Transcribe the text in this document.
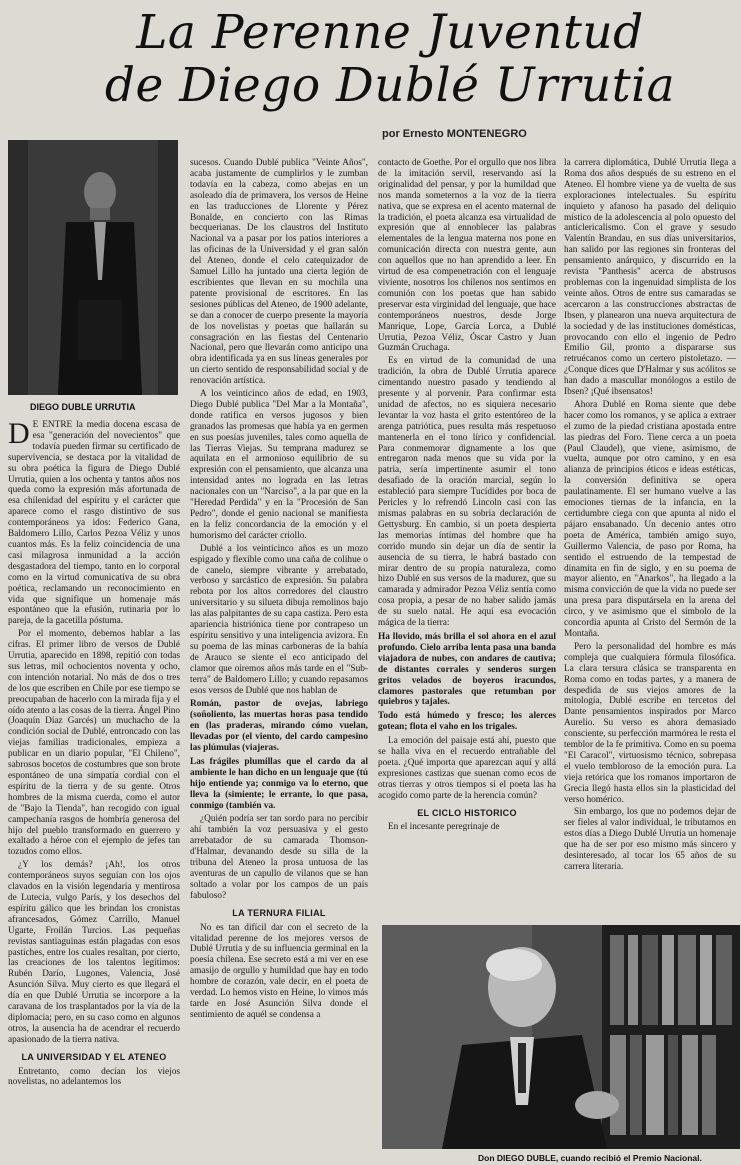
La Perenne Juventud
de Diego Dublé Urrutia
por Ernesto MONTENEGRO
DIEGO DUBLE URRUTIA

D E ENTRE la media docena escasa de esa "generación del novecientos" que todavía pueden firmar su certificado de supervivencia, se destaca por la vitalidad de su obra poética la figura de Diego Dublé Urrutia, quien a los ochenta y tantos años nos queda como la expresión más afortunada de esa chilenidad del espíritu y el carácter que aparece como el rasgo distintivo de sus contemporáneos ya idos: Federico Gana, Baldomero Lillo, Carlos Pezoa Véliz y unos cuantos más. Es la feliz coincidencia de una casi milagrosa inmunidad a la acción desgastadora del tiempo, tanto en lo corporal como en la virtud comunicativa de su obra poética, reclamando un reconocimiento en vida que signifique un homenaje más espontáneo que la efusión, rutinaria por lo pareja, de la gacetilla póstuma.

Por el momento, debemos hablar a las cifras. El primer libro de versos de Dublé Urrutia, aparecido en 1898, repitió con todas sus letras, mil ochocientos noventa y ocho, con intención notarial. No más de dos o tres de los que escriben en Chile por ese tiempo se preocupaban de hacerlo con la mirada fija y el oído atento a las cosas de la tierra. Ángel Pino (Joaquín Díaz Garcés) un muchacho de la condición social de Dublé, entroncado con las viejas familias tradicionales, empieza a publicar en un diario popular, "El Chileno", sabrosos bocetos de costumbres que son brote espontáneo de una simpatía cordial con el espíritu de la tierra y de su gente. Otros hombres de la misma cuerda, como el autor de "Bajo la Tienda", han recogido con igual campechanía rasgos de hombría generosa del hijo del pueblo transformado en guerrero y exaltado a héroe con el ejemplo de jefes tan tozudos como ellos.

¿Y los demás? ¡Ah!, los otros contemporáneos suyos seguían con los ojos clavados en la visión legendaria y mentirosa de Lutecia, vulgo París, y los desechos del espíritu gálico que les brindan los cronistas afrancesados, Gómez Carrillo, Manuel Ugarte, Froilán Turcios. Las pequeñas revistas santiaguinas están plagadas con esos pastiches, entre los cuales resaltan, por cierto, las creaciones de los talentos legítimos: Rubén Darío, Lugones, Valencia, José Asunción Silva. Muy cierto es que llegará el día en que Dublé Urrutia se incorpore a la caravana de los trasplantados por la vía de la diplomacia; pero, en su caso como en algunos otros, la ausencia ha de acendrar el recuerdo apasionado de la tierra nativa.

LA UNIVERSIDAD Y EL ATENEO

Entretanto, como decían los viejos novelistas, no adelantemos los

sucesos. Cuando Dublé publica "Veinte Años", acaba justamente de cumplirlos y le zumban todavía en la cabeza, como abejas en un asoleado día de primavera, los versos de Heine en las traducciones de Llorente y Pérez Bonalde, en concierto con las Rimas becquerianas. De los claustros del Instituto Nacional va a pasar por los patios interiores a las oficinas de la Universidad y el gran salón del Ateneo, donde el celo catequizador de Samuel Lillo ha juntado una cierta legión de escribientes que llevan en su mochila una patente provisional de escritores. En las sesiones públicas del Ateneo, de 1900 adelante, se dan a conocer de cuerpo presente la mayoría de los novelistas y poetas que hallarán su consagración en las fiestas del Centenario Nacional, pero que llevarán como anticipo una obra identificada ya en sus líneas generales por un cierto sentido de responsabilidad social y de renovación artística.

A los veinticinco años de edad, en 1903, Diego Dublé publica "Del Mar a la Montaña", donde ratifica en versos jugosos y bien granados las promesas que había ya en germen en sus poesías juveniles, tales como aquella de las Tierras Viejas. Su temprana madurez se aquilata en el armonioso equilibrio de su expresión con el pensamiento, que alcanza una intensidad antes no lograda en las letras nacionales con un "Narciso", a la par que en la "Heredad Perdida" y en la "Procesión de San Pedro", donde el genio nacional se manifiesta en la feliz concordancia de la emoción y el humorismo del carácter criollo.

Dublé a los veinticinco años es un mozo espigado y flexible como una caña de colihue o de canelo, siempre vibrante y arrebatado, verboso y sarcástico de expresión. Su palabra rebota por los altos corredores del claustro universitario y su silueta dibuja remolinos bajo las alas palpitantes de su capa castiza. Pero esta apariencia histriónica tiene por contrapeso un espíritu sensitivo y una inteligencia avizora. En su poema de las minas carboneras de la bahía de Arauco se siente el eco anticipado del clamor que oiremos años más tarde en el "Sub-terra" de Baldomero Lillo; y cuando repasamos esos versos de Dublé que nos hablan de

Román, pastor de ovejas, labriego (soñoliento, las muertas horas pasa tendido en (las praderas, mirando cómo vuelan, llevadas por (el viento, del cardo campesino las plúmulas (viajeras.

Las frágiles plumillas que el cardo da al ambiente le han dicho en un lenguaje que (tú hijo entiende ya; conmigo va lo eterno, que lleva la (simiente; le errante, lo que pasa, conmigo (también va.

¿Quién podría ser tan sordo para no percibir ahí también la voz persuasiva y el gesto arrebatador de su camarada Thomson-d'Halmar, devanando desde su silla de la tribuna del Ateneo la prosa untuosa de las aventuras de un capullo de vilanos que se han soltado a volar por los campos de un país fabuloso?

LA TERNURA FILIAL

No es tan difícil dar con el secreto de la vitalidad perenne de los mejores versos de Dublé Urrutia y de su influencia germinal en la poesía chilena. Ese secreto está a mi ver en ese amasijo de orgullo y humildad que hay en todo hombre de corazón, vale decir, en el poeta de verdad. Lo hemos visto en Heine, lo vimos más tarde en José Asunción Silva donde el sentimiento de aquél se condensa a

contacto de Goethe. Por el orgullo que nos libra de la imitación servil, reservando así la originalidad del pensar, y por la humildad que nos manda someternos a la voz de la tierra nativa, que se expresa en el acento maternal de la tradición, el poeta alcanza esa virtualidad de expresión que al ennoblecer las palabras elementales de la lengua materna nos pone en comunicación directa con nuestra gente, aun con aquellos que no han aprendido a leer. En virtud de esa compenetración con el lenguaje viviente, nosotros los chilenos nos sentimos en comunión con los poetas que han sabido preservar esta virginidad del lenguaje, que hace contemporáneos nuestros, desde Jorge Manrique, Lope, García Lorca, a Dublé Urrutia, Pezoa Véliz, Óscar Castro y Juan Guzmán Cruchaga.

Es en virtud de la comunidad de una tradición, la obra de Dublé Urrutia aparece cimentando nuestro pasado y tendiendo al presente y al porvenir. Para confirmar esta unidad de afectos, no es siquiera necesario levantar la voz hasta el grito estentóreo de la arenga patriótica, pues resulta más respetuoso mantenerla en el tono lírico y confidencial. Para conmemorar dignamente a los que entregaron nada menos que su vida por la patria, sería impertinente asumir el tono desafiado de la oración marcial, según lo estableció para siempre Tucídides por boca de Pericles y lo refrendó Lincoln casi con las mismas palabras en su sobria declaración de Gettysburg. En cambio, si un poeta despierta las memorias íntimas del hombre que ha corrido mundo sin dejar un día de sentir la ausencia de su tierra, le habrá bastado con mirar dentro de su propia naturaleza, como hizo Dublé en sus versos de la madurez, que su camarada y admirador Pezoa Véliz sentía como cosa propia, a pesar de no haber salido jamás de su suelo natal. He aquí esa evocación mágica de la tierra:

Ha llovido, más brilla el sol ahora en el azul profundo. Cielo arriba lenta pasa una banda viajadora de nubes, con andares de cautiva; de distantes corrales y senderos surgen gritos velados de boyeros iracundos, clamores pastorales que retumban por quiebros y tajales.

Todo está húmedo y fresco; los alerces gotean; flota el vaho en los trigales.

La emoción del paisaje está ahí, puesto que se halla viva en el recuerdo entrañable del poeta. ¿Qué importa que aparezcan aquí y allá expresiones castizas que suenan como ecos de otras tierras y otros tiempos si el poeta las ha acogido como parte de la herencia común?

EL CICLO HISTORICO

En el incesante peregrinaje de

la carrera diplomática, Dublé Urrutia llega a Roma dos años después de su estreno en el Ateneo. El hombre viene ya de vuelta de sus exploraciones intelectuales. Su espíritu inquieto y afanoso ha pasado del deliquio místico de la adolescencia al polo opuesto del anticlericalismo. Con el grave y sesudo Valentín Brandau, en sus días universitarios, han salido por las regiones sin fronteras del pensamiento anárquico, y discurrido en la revista "Panthesis" acerca de abstrusos problemas con la ingenuidad simplista de los veinte años. Otros de entre sus camaradas se acercaron a las construcciones abstractas de Ibsen, y planearon una nueva arquitectura de la sociedad y de las instituciones domésticas, provocando con ello el ingenio de Pedro Emilio Gil, pronto a dispararse sus retruécanos como un certero pistoletazo. —¿Conque dices que D'Halmar y sus acólitos se han dado a mascullar monólogos a estilo de Ibsen? ¡Qué ibsensatos!

Ahora Dublé en Roma siente que debe hacer como los romanos, y se aplica a extraer el zumo de la piedad cristiana apostada entre las piedras del Foro. Tiene cerca a un poeta (Paul Claudel), que viene, asimismo, de vuelta, aunque por otro camino, y en esa alianza de principios éticos e ideas estéticas, la conversión definitiva se opera paulatinamente. El ser humano vuelve a las emociones tiernas de la infancia, en la certidumbre ciega con que apunta al nido el pájaro ensabanado. Un decenio antes otro poeta de América, también amigo suyo, Guillermo Valencia, de paso por Roma, ha sentido el estruendo de la tempestad de dinamita en fin de siglo, y en su poema de mayor aliento, en "Anarkos", ha llegado a la misma convicción de que la vida no puede ser una presa para disputársela en la arena del circo, y ve asimismo que el símbolo de la concordia apunta al Cristo del Sermón de la Montaña.

Pero la personalidad del hombre es más compleja que cualquiera fórmula filosófica. La clara tersura clásica se transparenta en Roma como en todas partes, y a manera de despedida de sus viejos amores de la mitología, Dublé escribe en tercetos del Dante pensamientos inspirados por Marco Aurelio. Su verso es ahora demasiado consciente, su perfección marmórea le resta el temblor de la fe primitiva. Como en su poema "El Caracol", virtuosismo técnico, sobrepasa el vuelo tembloroso de la emoción pura. La vieja retórica que los romanos importaron de Grecia llegó hasta ellos sin la plasticidad del verso homérico.

Sin embargo, los que no podemos dejar de ser fieles al valor individual, le tributamos en estos días a Diego Dublé Urrutia un homenaje que ha de ser por eso mismo más sincero y desinteresado, al tocar los 65 años de su carrera literaria.

Don DIEGO DUBLE, cuando recibió el Premio Nacional.
